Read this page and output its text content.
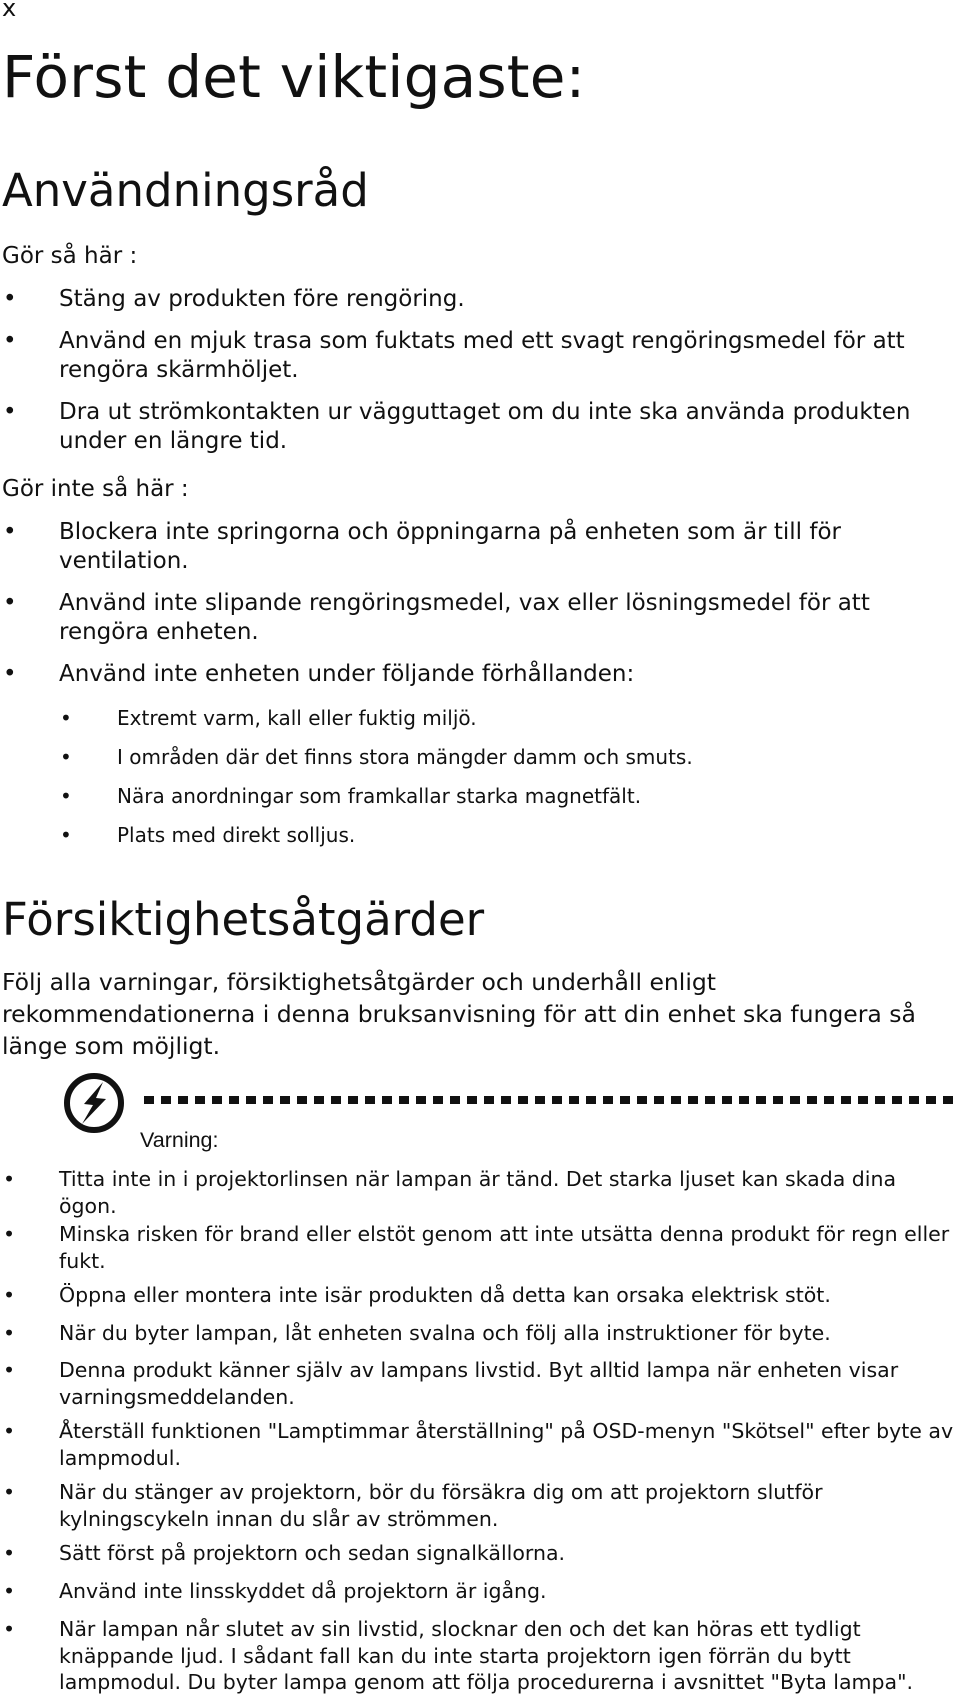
x
Först det viktigaste:
Användningsråd
Gör så här :
• Stäng av produkten före rengöring.
• Använd en mjuk trasa som fuktats med ett svagt rengöringsmedel för att rengöra skärmhöljet.
• Dra ut strömkontakten ur vägguttaget om du inte ska använda produkten under en längre tid.
Gör inte så här :
• Blockera inte springorna och öppningarna på enheten som är till för ventilation.
• Använd inte slipande rengöringsmedel, vax eller lösningsmedel för att rengöra enheten.
• Använd inte enheten under följande förhållanden:
• Extremt varm, kall eller fuktig miljö.
• I områden där det finns stora mängder damm och smuts.
• Nära anordningar som framkallar starka magnetfält.
• Plats med direkt solljus.
Försiktighetsåtgärder
Följ alla varningar, försiktighetsåtgärder och underhåll enligt rekommendationerna i denna bruksanvisning för att din enhet ska fungera så länge som möjligt.
Varning:
• Titta inte in i projektorlinsen när lampan är tänd. Det starka ljuset kan skada dina ögon.
• Minska risken för brand eller elstöt genom att inte utsätta denna produkt för regn eller fukt.
• Öppna eller montera inte isär produkten då detta kan orsaka elektrisk stöt.
• När du byter lampan, låt enheten svalna och följ alla instruktioner för byte.
• Denna produkt känner själv av lampans livstid. Byt alltid lampa när enheten visar varningsmeddelanden.
• Återställ funktionen "Lamptimmar återställning" på OSD-menyn "Skötsel" efter byte av lampmodul.
• När du stänger av projektorn, bör du försäkra dig om att projektorn slutför kylningscykeln innan du slår av strömmen.
• Sätt först på projektorn och sedan signalkällorna.
• Använd inte linsskyddet då projektorn är igång.
• När lampan når slutet av sin livstid, slocknar den och det kan höras ett tydligt knäppande ljud. I sådant fall kan du inte starta projektorn igen förrän du bytt lampmodul. Du byter lampa genom att följa procedurerna i avsnittet "Byta lampa".
